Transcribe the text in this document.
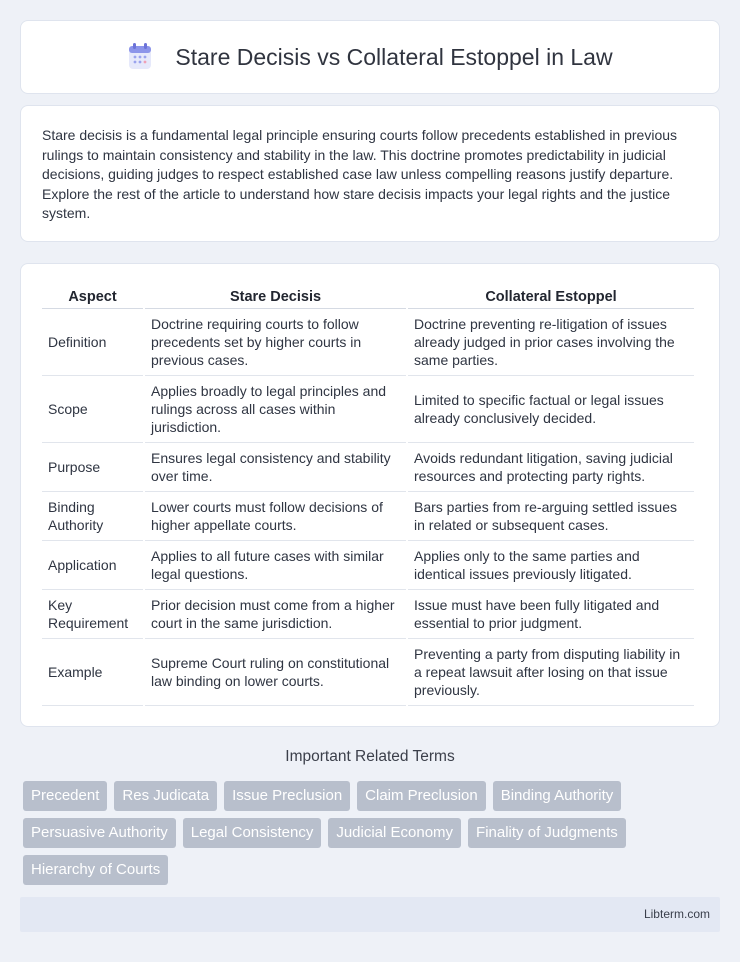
Stare Decisis vs Collateral Estoppel in Law

Stare decisis is a fundamental legal principle ensuring courts follow precedents established in previous rulings to maintain consistency and stability in the law. This doctrine promotes predictability in judicial decisions, guiding judges to respect established case law unless compelling reasons justify departure. Explore the rest of the article to understand how stare decisis impacts your legal rights and the justice system.

Aspect	Stare Decisis	Collateral Estoppel
Definition	Doctrine requiring courts to follow precedents set by higher courts in previous cases.	Doctrine preventing re-litigation of issues already judged in prior cases involving the same parties.
Scope	Applies broadly to legal principles and rulings across all cases within jurisdiction.	Limited to specific factual or legal issues already conclusively decided.
Purpose	Ensures legal consistency and stability over time.	Avoids redundant litigation, saving judicial resources and protecting party rights.
Binding Authority	Lower courts must follow decisions of higher appellate courts.	Bars parties from re-arguing settled issues in related or subsequent cases.
Application	Applies to all future cases with similar legal questions.	Applies only to the same parties and identical issues previously litigated.
Key Requirement	Prior decision must come from a higher court in the same jurisdiction.	Issue must have been fully litigated and essential to prior judgment.
Example	Supreme Court ruling on constitutional law binding on lower courts.	Preventing a party from disputing liability in a repeat lawsuit after losing on that issue previously.
Important Related Terms
Precedent	Res Judicata	Issue Preclusion	Claim Preclusion	Binding Authority
Persuasive Authority	Legal Consistency	Judicial Economy	Finality of Judgments
Hierarchy of Courts
Libterm.com
